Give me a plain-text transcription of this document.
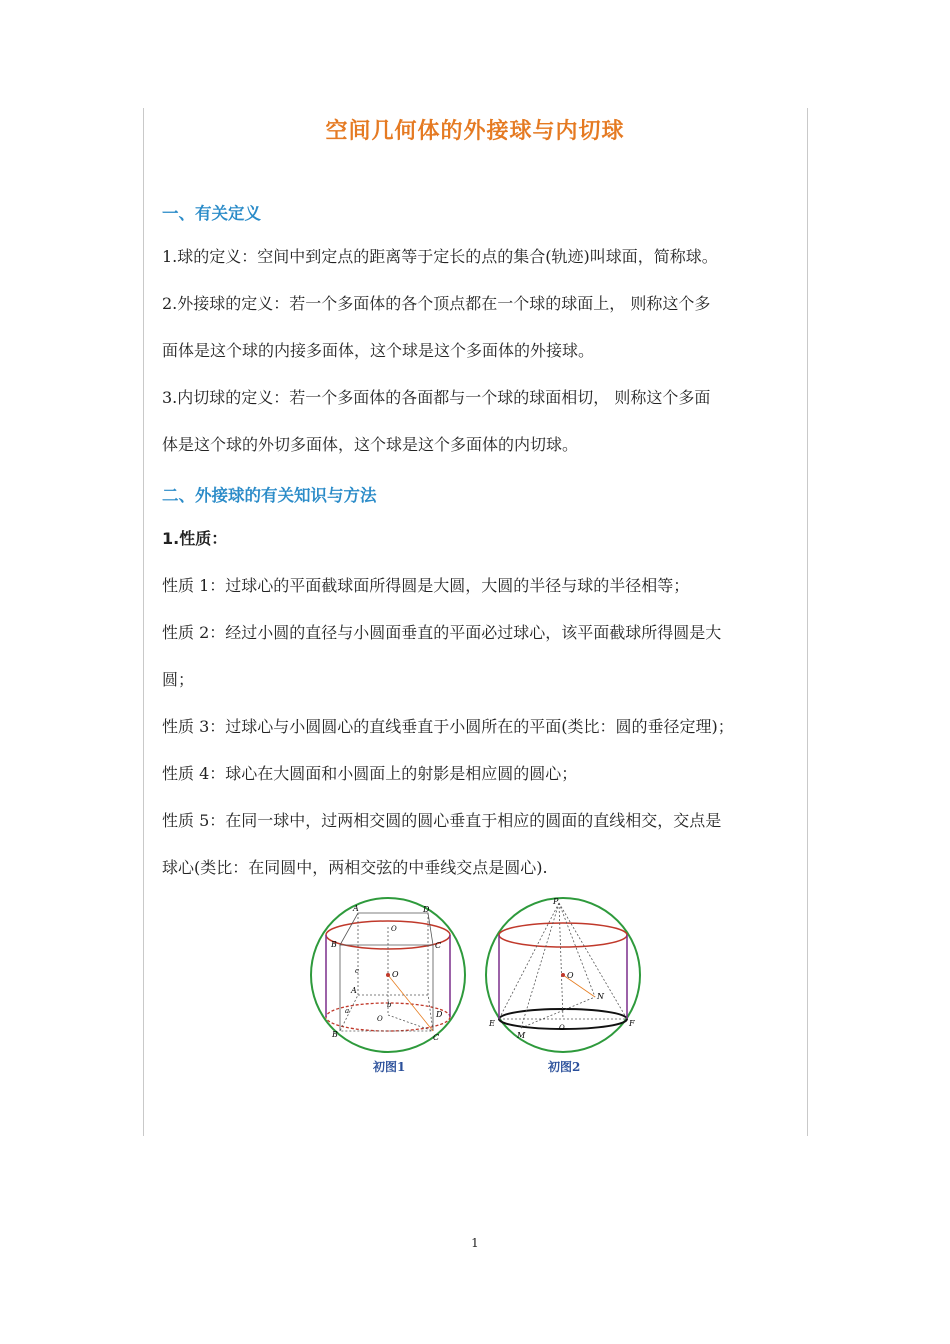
空间几何体的外接球与内切球
一、有关定义
1.球的定义：空间中到定点的距离等于定长的点的集合(轨迹)叫球面，简称球。
2.外接球的定义：若一个多面体的各个顶点都在一个球的球面上， 则称这个多
面体是这个球的内接多面体，这个球是这个多面体的外接球。
3.内切球的定义：若一个多面体的各面都与一个球的球面相切， 则称这个多面
体是这个球的外切多面体，这个球是这个多面体的内切球。
二、外接球的有关知识与方法
1.性质：
性质 1：过球心的平面截球面所得圆是大圆，大圆的半径与球的半径相等；
性质 2：经过小圆的直径与小圆面垂直的平面必过球心，该平面截球所得圆是大
圆；
性质 3：过球心与小圆圆心的直线垂直于小圆所在的平面(类比：圆的垂径定理)；
性质 4：球心在大圆面和小圆面上的射影是相应圆的圆心；
性质 5：在同一球中，过两相交圆的圆心垂直于相应的圆面的直线相交，交点是
球心(类比：在同圆中，两相交弦的中垂线交点是圆心).
A	D
B	C
O
O
c
A
b
a
O	D
B	C
P
O
N
E	F
M
O
初图1	初图2
1
